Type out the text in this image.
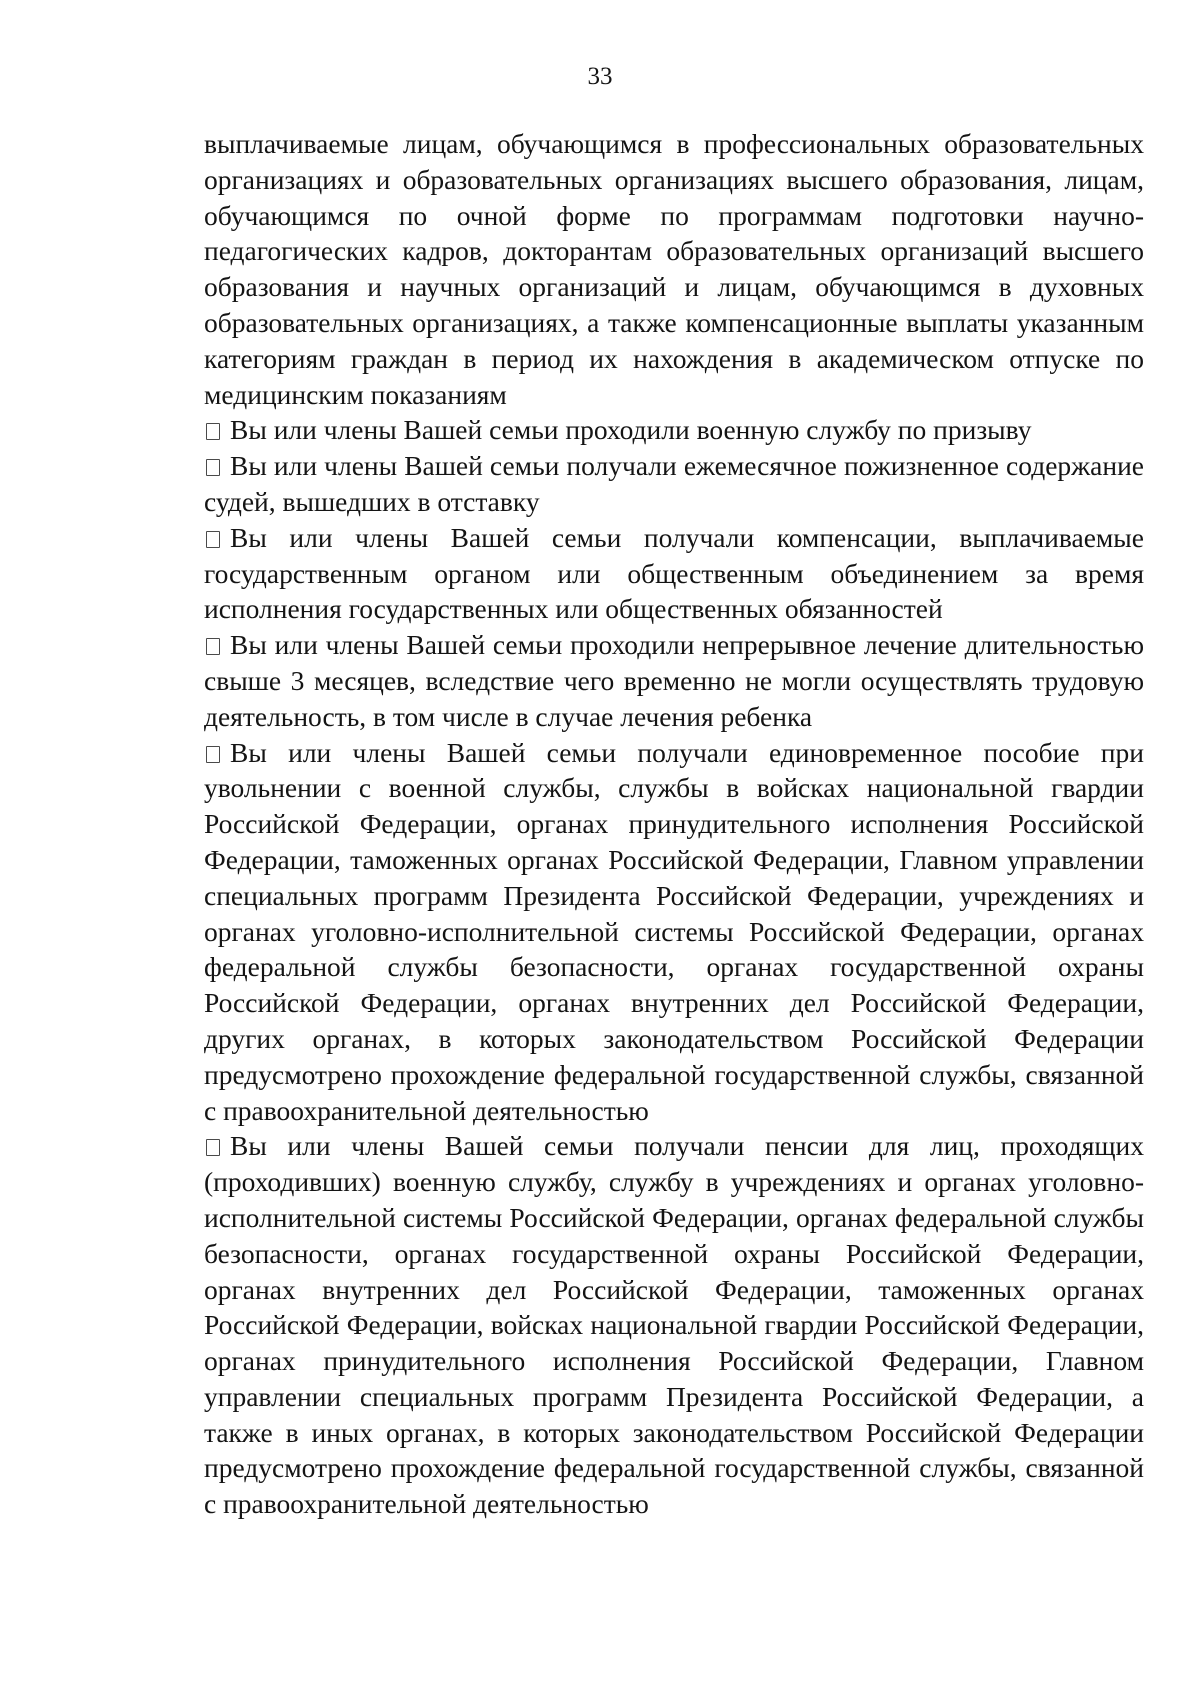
33

выплачиваемые лицам, обучающимся в профессиональных образовательных организациях и образовательных организациях высшего образования, лицам, обучающимся по очной форме по программам подготовки научно-педагогических кадров, докторантам образовательных организаций высшего образования и научных организаций и лицам, обучающимся в духовных образовательных организациях, а также компенсационные выплаты указанным категориям граждан в период их нахождения в академическом отпуске по медицинским показаниям

Вы или члены Вашей семьи проходили военную службу по призыву

Вы или члены Вашей семьи получали ежемесячное пожизненное содержание судей, вышедших в отставку

Вы или члены Вашей семьи получали компенсации, выплачиваемые государственным органом или общественным объединением за время исполнения государственных или общественных обязанностей

Вы или члены Вашей семьи проходили непрерывное лечение длительностью свыше 3 месяцев, вследствие чего временно не могли осуществлять трудовую деятельность, в том числе в случае лечения ребенка

Вы или члены Вашей семьи получали единовременное пособие при увольнении с военной службы, службы в войсках национальной гвардии Российской Федерации, органах принудительного исполнения Российской Федерации, таможенных органах Российской Федерации, Главном управлении специальных программ Президента Российской Федерации, учреждениях и органах уголовно-исполнительной системы Российской Федерации, органах федеральной службы безопасности, органах государственной охраны Российской Федерации, органах внутренних дел Российской Федерации, других органах, в которых законодательством Российской Федерации предусмотрено прохождение федеральной государственной службы, связанной с правоохранительной деятельностью

Вы или члены Вашей семьи получали пенсии для лиц, проходящих (проходивших) военную службу, службу в учреждениях и органах уголовно-исполнительной системы Российской Федерации, органах федеральной службы безопасности, органах государственной охраны Российской Федерации, органах внутренних дел Российской Федерации, таможенных органах Российской Федерации, войсках национальной гвардии Российской Федерации, органах принудительного исполнения Российской Федерации, Главном управлении специальных программ Президента Российской Федерации, а также в иных органах, в которых законодательством Российской Федерации предусмотрено прохождение федеральной государственной службы, связанной с правоохранительной деятельностью
